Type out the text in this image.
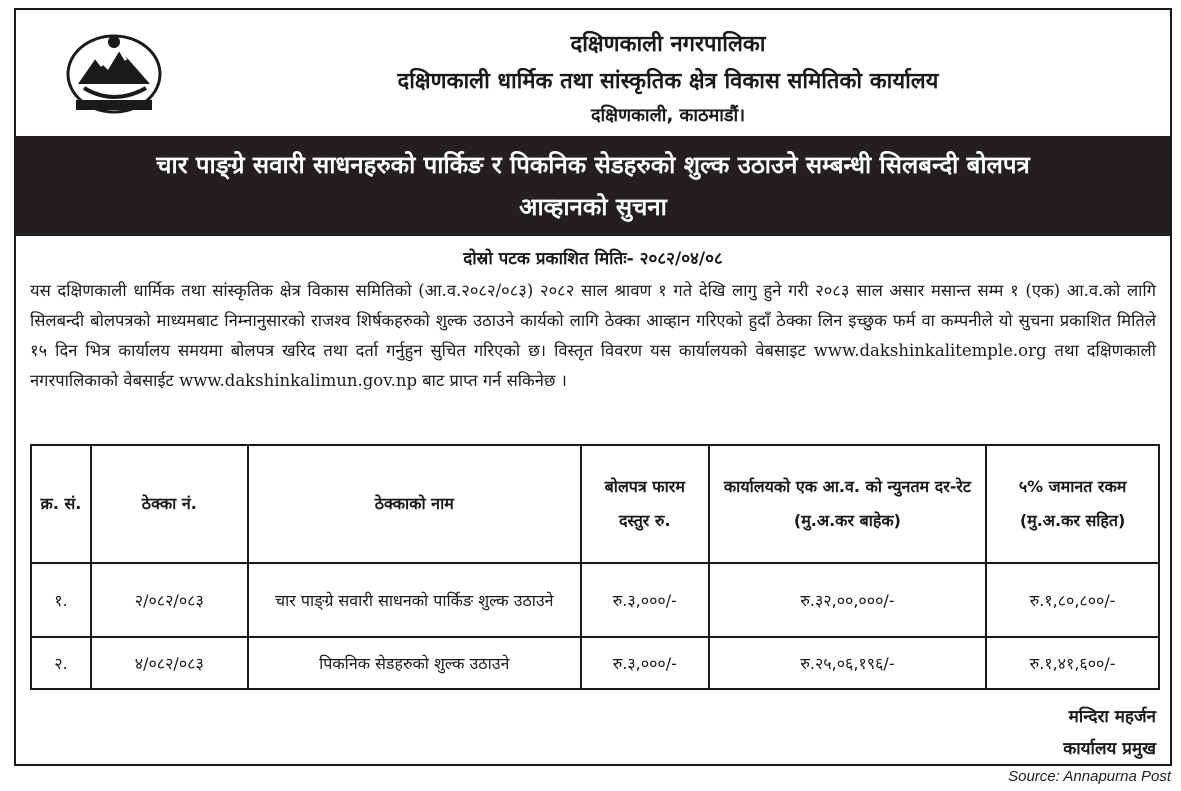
दक्षिणकाली नगरपालिका
दक्षिणकाली धार्मिक तथा सांस्कृतिक क्षेत्र विकास समितिको कार्यालय
दक्षिणकाली, काठमाडौं।
चार पाङ्ग्रे सवारी साधनहरुको पार्किङ र पिकनिक सेडहरुको शुल्क उठाउने सम्बन्धी सिलबन्दी बोलपत्र
आव्हानको सुचना
दोस्रो पटक प्रकाशित मितिः- २०८२/०४/०८
यस दक्षिणकाली धार्मिक तथा सांस्कृतिक क्षेत्र विकास समितिको (आ.व.२०८२/०८३) २०८२ साल श्रावण १ गते देखि लागु हुने गरी २०८३ साल असार मसान्त सम्म १ (एक) आ.व.को लागि सिलबन्दी बोलपत्रको माध्यमबाट निम्नानुसारको राजश्व शिर्षकहरुको शुल्क उठाउने कार्यको लागि ठेक्का आव्हान गरिएको हुदाँ ठेक्का लिन इच्छुक फर्म वा कम्पनीले यो सुचना प्रकाशित मितिले १५ दिन भित्र कार्यालय समयमा बोलपत्र खरिद तथा दर्ता गर्नुहुन सुचित गरिएको छ। विस्तृत विवरण यस कार्यालयको वेबसाइट www.dakshinkalitemple.org तथा दक्षिणकाली नगरपालिकाको वेबसाईट www.dakshinkalimun.gov.np बाट प्राप्त गर्न सकिनेछ ।
क्र. सं.	ठेक्का नं.	ठेक्काको नाम	बोलपत्र फारम दस्तुर रु.	कार्यालयको एक आ.व. को न्युनतम दर-रेट (मु.अ.कर बाहेक)	५% जमानत रकम (मु.अ.कर सहित)
१.	२/०८२/०८३	चार पाङ्ग्रे सवारी साधनको पार्किङ शुल्क उठाउने	रु.३,०००/-	रु.३२,००,०००/-	रु.१,८०,८००/-
२.	४/०८२/०८३	पिकनिक सेडहरुको शुल्क उठाउने	रु.३,०००/-	रु.२५,०६,१९६/-	रु.१,४१,६००/-
मन्दिरा महर्जन
कार्यालय प्रमुख
Source: Annapurna Post
